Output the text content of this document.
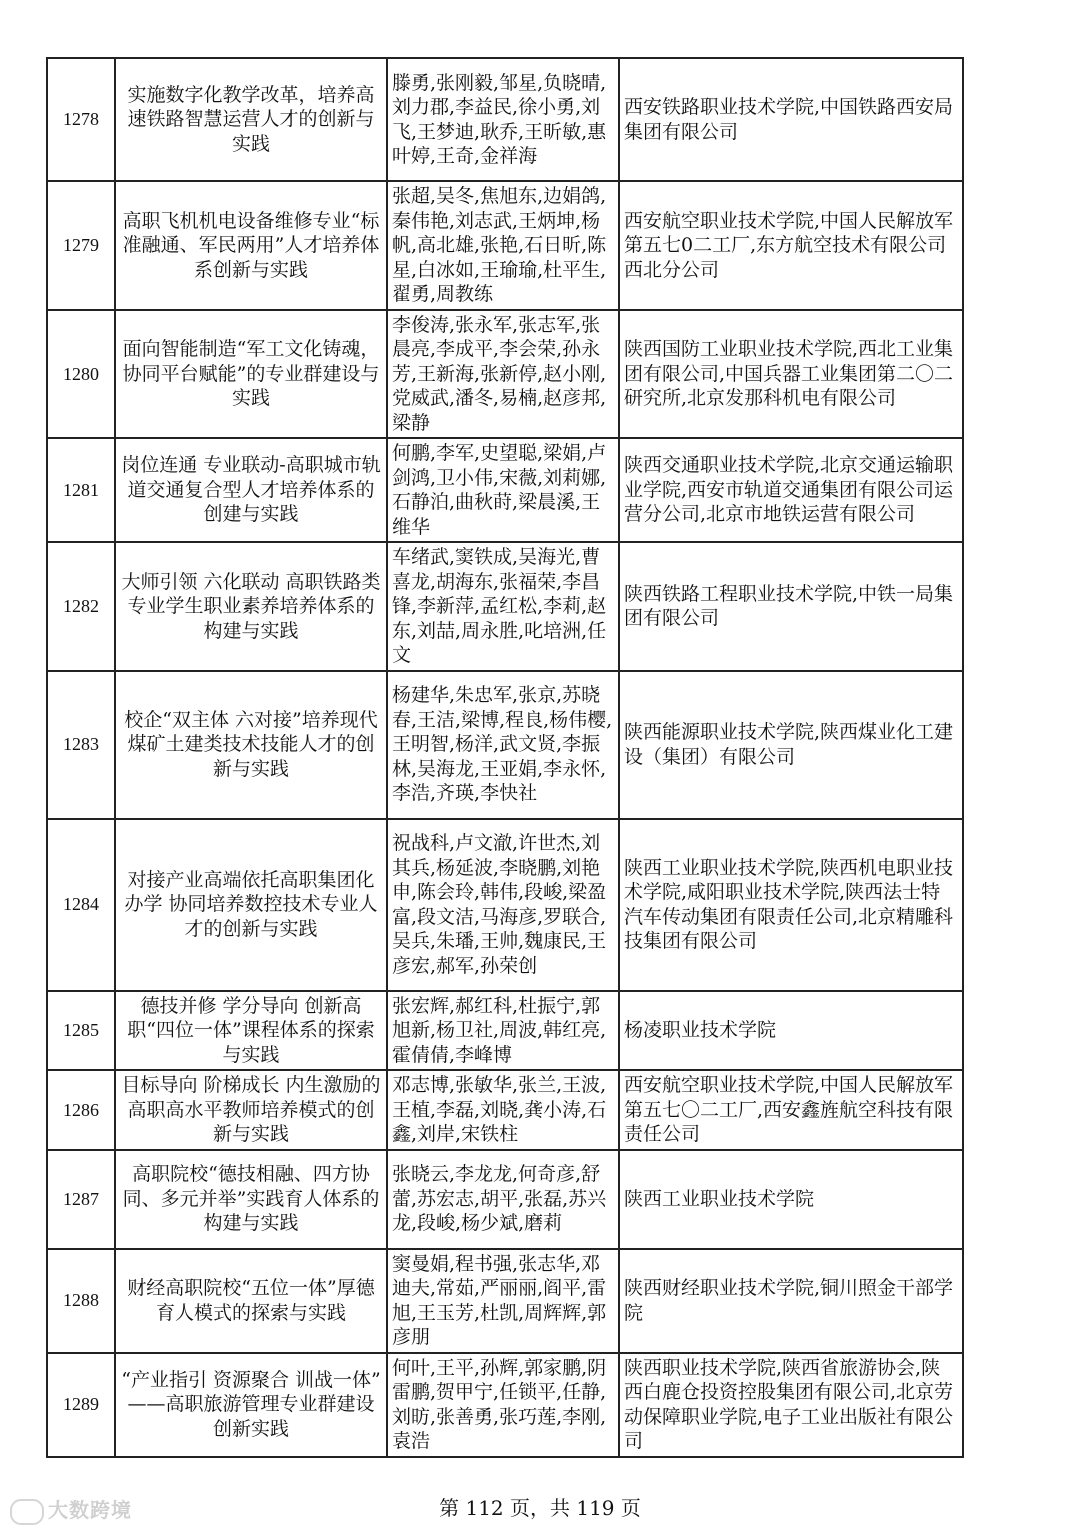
1278	实施数字化教学改革，培养高速铁路智慧运营人才的创新与实践	滕勇,张刚毅,邹星,负晓晴,刘力郡,李益民,徐小勇,刘飞,王梦迪,耿乔,王昕敏,惠叶婷,王奇,金祥海	西安铁路职业技术学院,中国铁路西安局集团有限公司
1279	高职飞机机电设备维修专业“标准融通、军民两用”人才培养体系创新与实践	张超,吴冬,焦旭东,边娟鸽,秦伟艳,刘志武,王炳坤,杨帆,高北雄,张艳,石日昕,陈星,白冰如,王瑜瑜,杜平生,翟勇,周教练	西安航空职业技术学院,中国人民解放军第五七0二工厂,东方航空技术有限公司西北分公司
1280	面向智能制造“军工文化铸魂，协同平台赋能”的专业群建设与实践	李俊涛,张永军,张志军,张晨亮,李成平,李会荣,孙永芳,王新海,张新停,赵小刚,党威武,潘冬,易楠,赵彦邦,梁静	陕西国防工业职业技术学院,西北工业集团有限公司,中国兵器工业集团第二〇二研究所,北京发那科机电有限公司
1281	岗位连通 专业联动-高职城市轨道交通复合型人才培养体系的创建与实践	何鹏,李军,史望聪,梁娟,卢剑鸿,卫小伟,宋薇,刘莉娜,石静泊,曲秋莳,梁晨溪,王维华	陕西交通职业技术学院,北京交通运输职业学院,西安市轨道交通集团有限公司运营分公司,北京市地铁运营有限公司
1282	大师引领 六化联动 高职铁路类专业学生职业素养培养体系的构建与实践	车绪武,窦铁成,吴海光,曹喜龙,胡海东,张福荣,李昌锋,李新萍,孟红松,李莉,赵东,刘喆,周永胜,叱培洲,任文	陕西铁路工程职业技术学院,中铁一局集团有限公司
1283	校企“双主体 六对接”培养现代煤矿土建类技术技能人才的创新与实践	杨建华,朱忠军,张京,苏晓春,王洁,梁博,程良,杨伟樱,王明智,杨洋,武文贤,李振林,吴海龙,王亚娟,李永怀,李浩,齐瑛,李快社	陕西能源职业技术学院,陕西煤业化工建设（集团）有限公司
1284	对接产业高端依托高职集团化办学 协同培养数控技术专业人才的创新与实践	祝战科,卢文澈,许世杰,刘其兵,杨延波,李晓鹏,刘艳申,陈会玲,韩伟,段峻,梁盈富,段文洁,马海彦,罗联合,吴兵,朱璠,王帅,魏康民,王彦宏,郝军,孙荣创	陕西工业职业技术学院,陕西机电职业技术学院,咸阳职业技术学院,陕西法士特汽车传动集团有限责任公司,北京精雕科技集团有限公司
1285	德技并修 学分导向 创新高职“四位一体”课程体系的探索与实践	张宏辉,郝红科,杜振宁,郭旭新,杨卫社,周波,韩红亮,霍倩倩,李峰博	杨凌职业技术学院
1286	目标导向 阶梯成长 内生激励的高职高水平教师培养模式的创新与实践	邓志博,张敏华,张兰,王波,王植,李磊,刘晓,龚小涛,石鑫,刘岸,宋铁柱	西安航空职业技术学院,中国人民解放军第五七〇二工厂,西安鑫旌航空科技有限责任公司
1287	高职院校“德技相融、四方协同、多元并举”实践育人体系的构建与实践	张晓云,李龙龙,何奇彦,舒蕾,苏宏志,胡平,张磊,苏兴龙,段峻,杨少斌,磨莉	陕西工业职业技术学院
1288	财经高职院校“五位一体”厚德育人模式的探索与实践	窦曼娟,程书强,张志华,邓迪夫,常茹,严丽丽,阎平,雷旭,王玉芳,杜凯,周辉辉,郭彦朋	陕西财经职业技术学院,铜川照金干部学院
1289	“产业指引 资源聚合 训战一体” ——高职旅游管理专业群建设创新实践	何叶,王平,孙辉,郭家鹏,阴雷鹏,贺甲宁,任锁平,任静,刘昉,张善勇,张巧莲,李刚,袁浩	陕西职业技术学院,陕西省旅游协会,陕西白鹿仓投资控股集团有限公司,北京劳动保障职业学院,电子工业出版社有限公司
大数跨境	第 112 页，共 119 页
